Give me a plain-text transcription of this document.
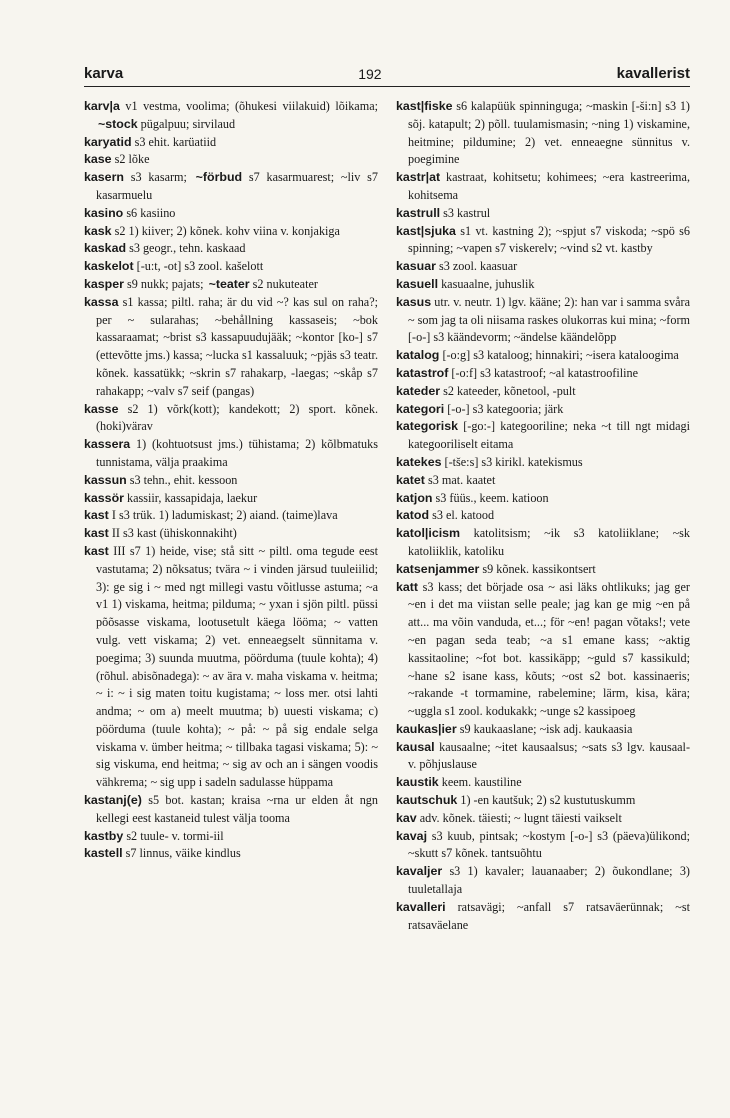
karva	192	kavallerist

karv|a v1 vestma, voolima; (õhukesi viilakuid) lõikama; ~stock pügalpuu; sirvilaud

karyatid s3 ehit. karüatiid

kase s2 lõke

kasern s3 kasarm; ~förbud s7 kasarmuarest; ~liv s7 kasarmuelu

kasino s6 kasiino

kask s2 1) kiiver; 2) kõnek. kohv viina v. konjakiga

kaskad s3 geogr., tehn. kaskaad

kaskelot [-u:t, -ot] s3 zool. kašelott

kasper s9 nukk; pajats; ~teater s2 nukuteater

kassa s1 kassa; piltl. raha; är du vid ~? kas sul on raha?; per ~ sularahas; ~behållning kassaseis; ~bok kassaraamat; ~brist s3 kassapuudujääk; ~kontor [ko-] s7 (ettevõtte jms.) kassa; ~lucka s1 kassaluuk; ~pjäs s3 teatr. kõnek. kassatükk; ~skrin s7 rahakarp, -laegas; ~skåp s7 rahakapp; ~valv s7 seif (pangas)

kasse s2 1) võrk(kott); kandekott; 2) sport. kõnek. (hoki)värav

kassera 1) (kohtuotsust jms.) tühistama; 2) kõlbmatuks tunnistama, välja praakima

kassun s3 tehn., ehit. kessoon

kassör kassiir, kassapidaja, laekur

kast I s3 trük. 1) ladumiskast; 2) aiand. (taime)lava

kast II s3 kast (ühiskonnakiht)

kast III s7 1) heide, vise; stå sitt ~ piltl. oma tegude eest vastutama; 2) nõksatus; tvära ~ i vinden järsud tuuleiilid; 3): ge sig i ~ med ngt millegi vastu võitlusse astuma; ~a v1 1) viskama, heitma; pilduma; ~ yxan i sjön piltl. püssi põõsasse viskama, lootusetult käega lööma; ~ vatten vulg. vett viskama; 2) vet. enneaegselt sünnitama v. poegima; 3) suunda muutma, pöörduma (tuule kohta); 4) (rõhul. abisõnadega): ~ av ära v. maha viskama v. heitma; ~ i: ~ i sig maten toitu kugistama; ~ loss mer. otsi lahti andma; ~ om a) meelt muutma; b) uuesti viskama; c) pöörduma (tuule kohta); ~ på: ~ på sig endale selga viskama v. ümber heitma; ~ tillbaka tagasi viskama; 5): ~ sig viskuma, end heitma; ~ sig av och an i sängen voodis vähkrema; ~ sig upp i sadeln sadulasse hüppama

kastanj(e) s5 bot. kastan; kraisa ~rna ur elden åt ngn kellegi eest kastaneid tulest välja tooma

kastby s2 tuule- v. tormi-iil

kastell s7 linnus, väike kindlus

kast|fiske s6 kalapüük spinninguga; ~maskin [-ši:n] s3 1) sõj. katapult; 2) põll. tuulamismasin; ~ning 1) viskamine, heitmine; pildumine; 2) vet. enneaegne sünnitus v. poegimine

kastr|at kastraat, kohitsetu; kohimees; ~era kastreerima, kohitsema

kastrull s3 kastrul

kast|sjuka s1 vt. kastning 2); ~spjut s7 viskoda; ~spö s6 spinning; ~vapen s7 viskerelv; ~vind s2 vt. kastby

kasuar s3 zool. kaasuar

kasuell kasuaalne, juhuslik

kasus utr. v. neutr. 1) lgv. kääne; 2): han var i samma svåra ~ som jag ta oli niisama raskes olukorras kui mina; ~form [-o-] s3 käändevorm; ~ändelse käändelõpp

katalog [-o:g] s3 kataloog; hinnakiri; ~isera kataloogima

katastrof [-o:f] s3 katastroof; ~al katastroofiline

kateder s2 kateeder, kõnetool, -pult

kategori [-o-] s3 kategooria; järk

kategorisk [-go:-] kategooriline; neka ~t till ngt midagi kategooriliselt eitama

katekes [-tše:s] s3 kirikl. katekismus

katet s3 mat. kaatet

katjon s3 füüs., keem. katioon

katod s3 el. katood

katol|icism katolitsism; ~ik s3 katoliiklane; ~sk katoliiklik, katoliku

katsenjammer s9 kõnek. kassikontsert

katt s3 kass; det började osa ~ asi läks ohtlikuks; jag ger ~en i det ma viistan selle peale; jag kan ge mig ~en på att... ma võin vanduda, et...; för ~en! pagan võtaks!; vete ~en pagan seda teab; ~a s1 emane kass; ~aktig kassitaoline; ~fot bot. kassikäpp; ~guld s7 kassikuld; ~hane s2 isane kass, kõuts; ~ost s2 bot. kassinaeris; ~rakande -t tormamine, rabelemine; lärm, kisa, kära; ~uggla s1 zool. kodukakk; ~unge s2 kassipoeg

kaukas|ier s9 kaukaaslane; ~isk adj. kaukaasia

kausal kausaalne; ~itet kausaalsus; ~sats s3 lgv. kausaal- v. põhjuslause

kaustik keem. kaustiline

kautschuk 1) -en kautšuk; 2) s2 kustutuskumm

kav adv. kõnek. täiesti; ~ lugnt täiesti vaikselt

kavaj s3 kuub, pintsak; ~kostym [-o-] s3 (päeva)ülikond; ~skutt s7 kõnek. tantsuõhtu

kavaljer s3 1) kavaler; lauanaaber; 2) õukondlane; 3) tuuletallaja

kavalleri ratsavägi; ~anfall s7 ratsaväerünnak; ~st ratsaväelane
